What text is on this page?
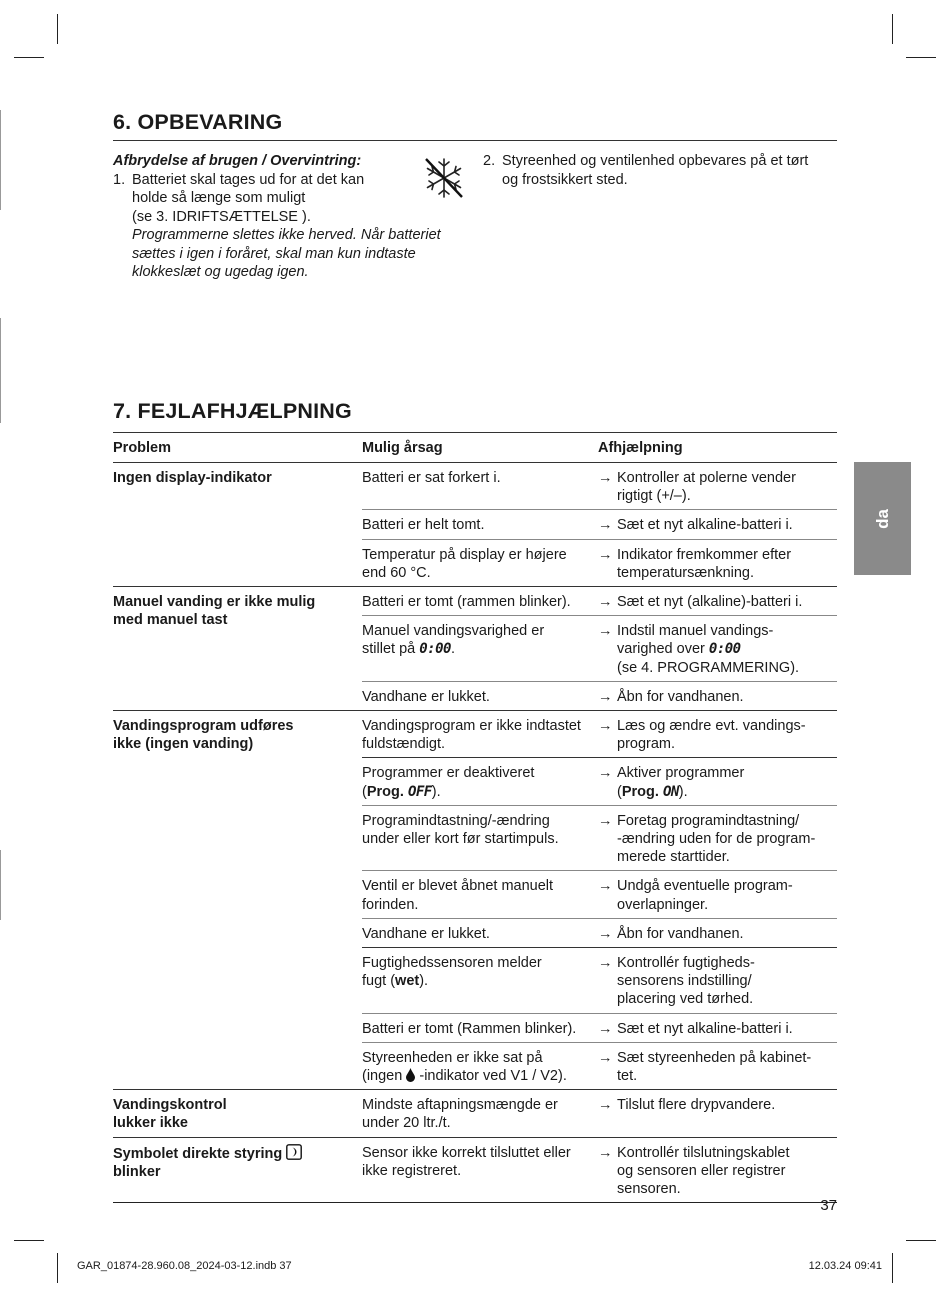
6. OPBEVARING
Afbrydelse af brugen / Overvintring:
1. Batteriet skal tages ud for at det kan
holde så længe som muligt
(se 3. IDRIFTSÆTTELSE ).
Programmerne slettes ikke herved. Når batteriet
sættes i igen i foråret, skal man kun indtaste
klokkeslæt og ugedag igen.
2. Styreenhed og ventilenhed opbevares på et tørt
og frostsikkert sted.
7. FEJLAFHJÆLPNING
Problem	Mulig årsag	Afhjælpning
Ingen display-indikator	Batteri er sat forkert i.	→ Kontroller at polerne vender
rigtigt (+/–).
Batteri er helt tomt.	→ Sæt et nyt alkaline-batteri i.
Temperatur på display er højere
end 60 °C.
→ Indikator fremkommer efter
temperatursænkning.
Manuel vanding er ikke mulig
med manuel tast
Batteri er tomt (rammen blinker).	→ Sæt et nyt (alkaline)-batteri i.
Manuel vandingsvarighed er
stillet på 0:00.
→ Indstil manuel vandings-
varighed over 0:00
(se 4. PROGRAMMERING).
Vandhane er lukket.	→ Åbn for vandhanen.
Vandingsprogram udføres
ikke (ingen vanding)
Vandingsprogram er ikke indtastet
fuldstændigt.
→ Læs og ændre evt. vandings-
program.
Programmer er deaktiveret
(Prog. OFF).
→ Aktiver programmer
(Prog. ON).
Programindtastning/-ændring
under eller kort før startimpuls.
→ Foretag programindtastning/
-ændring uden for de program-
merede starttider.
Ventil er blevet åbnet manuelt
forinden.
→ Undgå eventuelle program-
overlapninger.
Vandhane er lukket.	→ Åbn for vandhanen.
Fugtighedssensoren melder
fugt (wet).
→ Kontrollér fugtigheds-
sensorens indstilling/
placering ved tørhed.
Batteri er tomt (Rammen blinker).	→ Sæt et nyt alkaline-batteri i.
Styreenheden er ikke sat på
(ingen  -indikator ved V1 / V2).
→ Sæt styreenheden på kabinet-
tet.
Vandingskontrol
lukker ikke
Mindste aftapningsmængde er
under 20 ltr./t.
→ Tilslut flere drypvandere.
Symbolet direkte styring
blinker
Sensor ikke korrekt tilsluttet eller
ikke registreret.
→ Kontrollér tilslutningskablet
og sensoren eller registrer
sensoren.
da
37
GAR_01874-28.960.08_2024-03-12.indb 37	12.03.24 09:41
